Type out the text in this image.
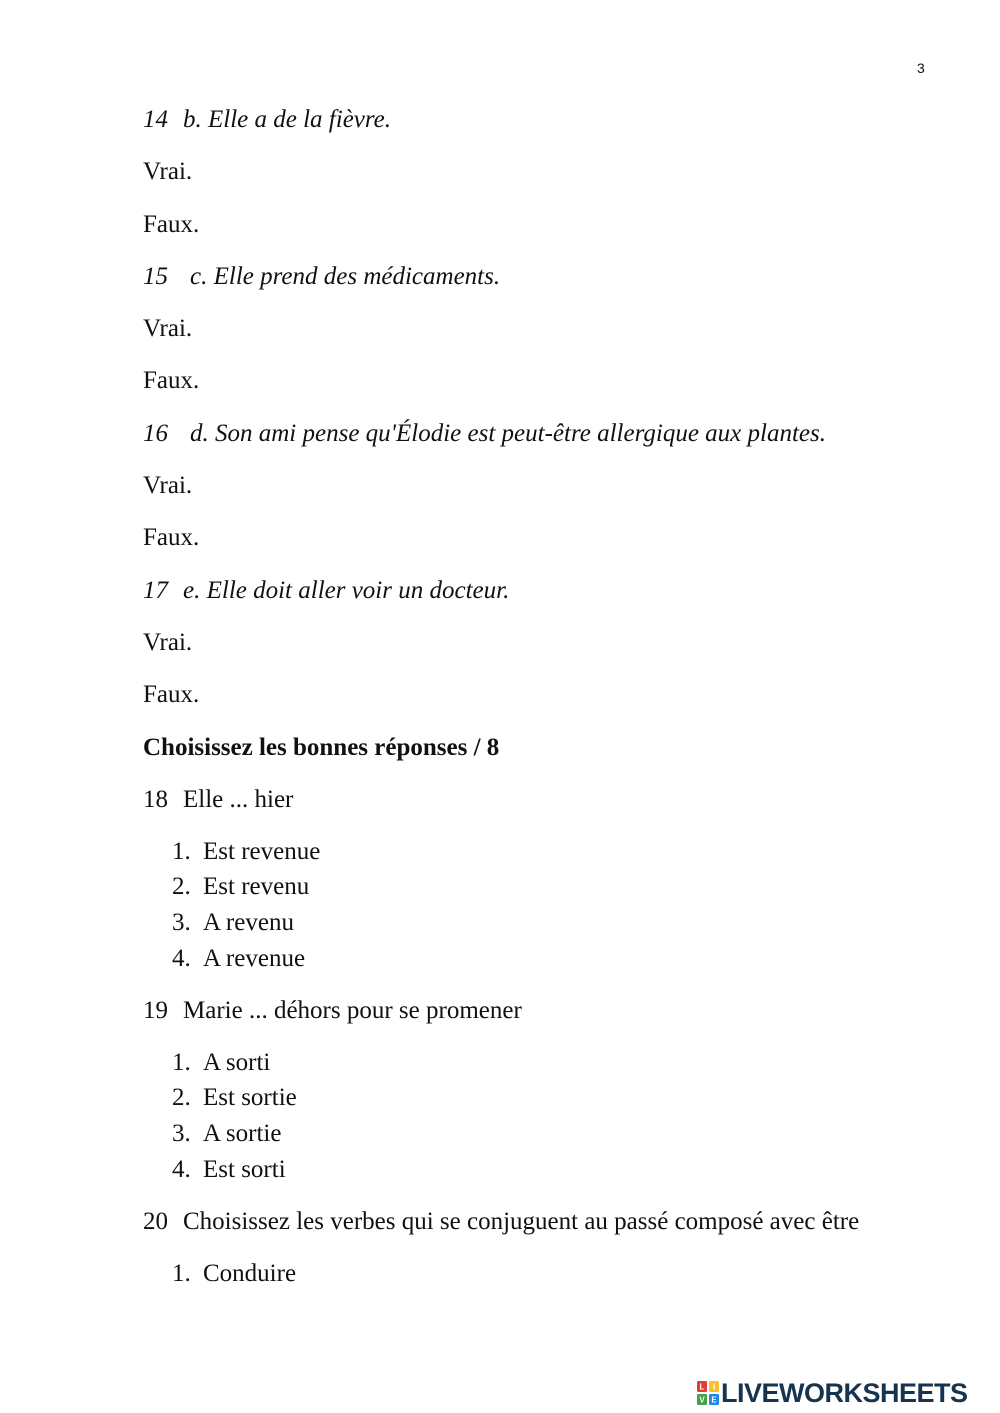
3
14 b. Elle a de la fièvre.
Vrai.
Faux.
15 c. Elle prend des médicaments.
Vrai.
Faux.
16 d. Son ami pense qu'Élodie est peut-être allergique aux plantes.
Vrai.
Faux.
17 e. Elle doit aller voir un docteur.
Vrai.
Faux.
Choisissez les bonnes réponses / 8
18 Elle ... hier
1. Est revenue
2. Est revenu
3. A revenu
4. A revenue
19 Marie ... déhors pour se promener
1. A sorti
2. Est sortie
3. A sortie
4. Est sorti
20 Choisissez les verbes qui se conjuguent au passé composé avec être
1. Conduire
L I
V E LIVEWORKSHEETS
